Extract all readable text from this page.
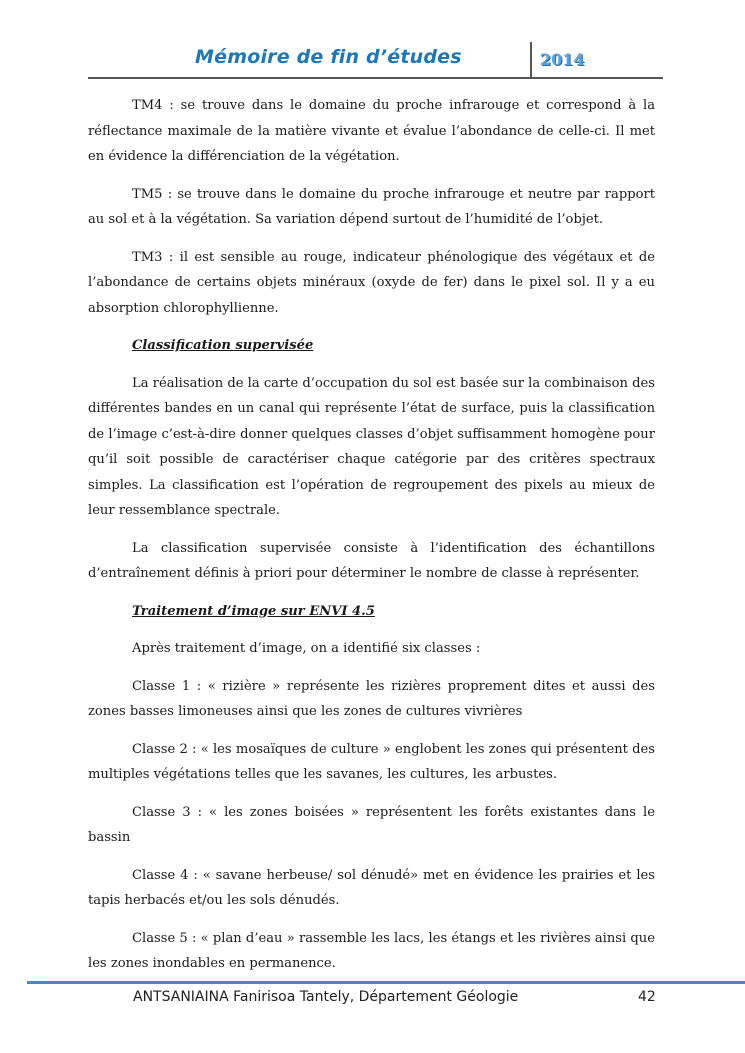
Mémoire de fin d’études	2014

TM4 : se trouve dans le domaine du proche infrarouge et correspond à la réflectance maximale de la matière vivante et évalue l’abondance de celle-ci. Il met en évidence la différenciation de la végétation.

TM5 : se trouve dans le domaine du proche infrarouge et neutre par rapport au sol et à la végétation. Sa variation dépend surtout de l’humidité de l’objet.

TM3 : il est sensible au rouge, indicateur phénologique des végétaux et de l’abondance de certains objets minéraux (oxyde de fer) dans le pixel sol. Il y a eu absorption chlorophyllienne.

Classification supervisée

La réalisation de la carte d’occupation du sol est basée sur la combinaison des différentes bandes en un canal qui représente l’état de surface, puis la classification de l’image c’est-à-dire donner quelques classes d’objet suffisamment homogène pour qu’il soit possible de caractériser chaque catégorie par des critères spectraux simples. La classification est l’opération de regroupement des pixels au mieux de leur ressemblance spectrale.

La classification supervisée consiste à l’identification des échantillons d’entraînement définis à priori pour déterminer le nombre de classe à représenter.

Traitement d’image sur ENVI 4.5

Après traitement d’image, on a identifié six classes :

Classe 1 : « rizière » représente les rizières proprement dites et aussi des zones basses limoneuses ainsi que les zones de cultures vivrières

Classe 2 : « les mosaïques de culture » englobent les zones qui présentent des multiples végétations telles que les savanes, les cultures, les arbustes.

Classe 3 : « les zones boisées » représentent les forêts existantes dans le bassin

Classe 4 : « savane herbeuse/ sol dénudé» met en évidence les prairies et les tapis herbacés et/ou les sols dénudés.

Classe 5 : « plan d’eau » rassemble les lacs, les étangs et les rivières ainsi que les zones inondables en permanence.

ANTSANIAINA Fanirisoa Tantely, Département Géologie	42
